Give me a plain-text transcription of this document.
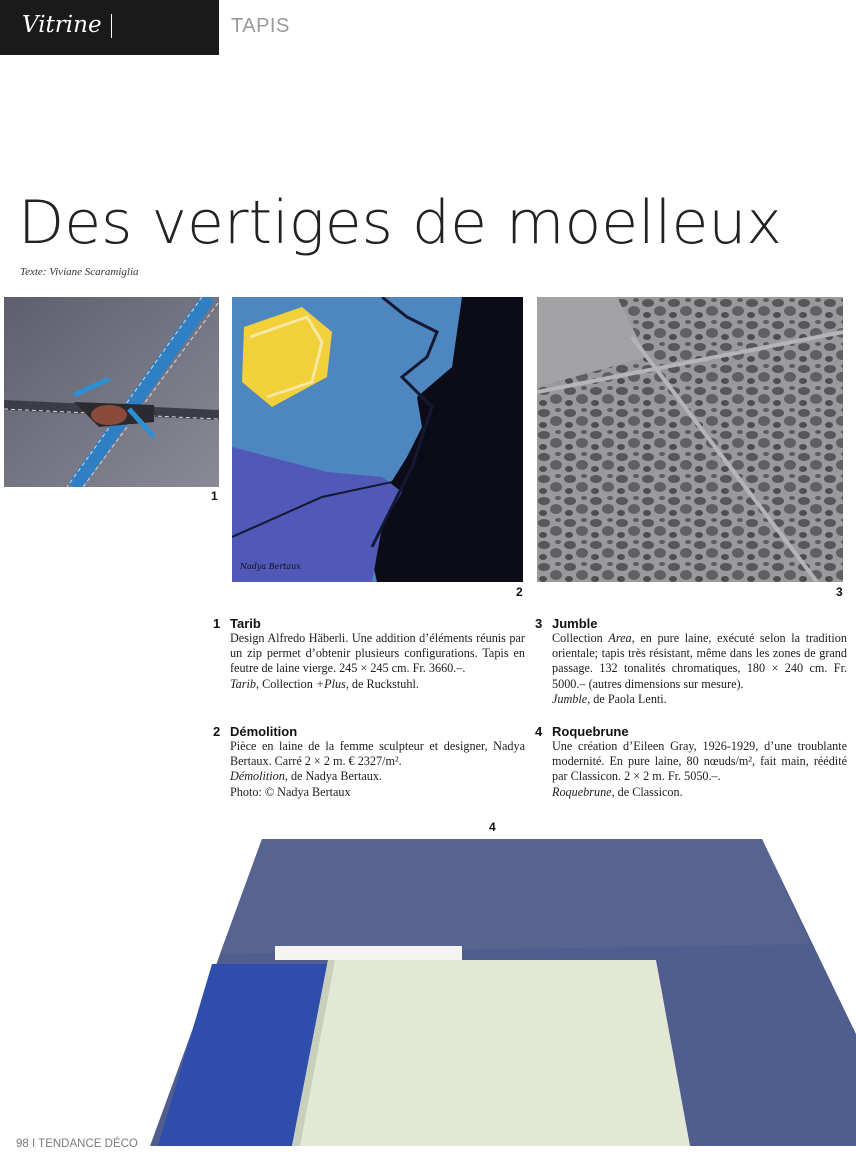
Vitrine	TAPIS
Des vertiges de moelleux
Texte: Viviane Scaramiglia
1
Nadya Bertaux
2	3
1 Tarib

Design Alfredo Häberli. Une addition d’éléments réunis par un zip permet d’obtenir plusieurs configurations. Tapis en feutre de laine vierge. 245 × 245 cm. Fr. 3660.–.

Tarib, Collection +Plus, de Ruckstuhl.

2 Démolition

Pièce en laine de la femme sculpteur et designer, Nadya Bertaux. Carré 2 × 2 m. € 2327/m².

Démolition, de Nadya Bertaux.

Photo: © Nadya Bertaux

3 Jumble

Collection Area, en pure laine, exécuté selon la tradition orientale; tapis très résistant, même dans les zones de grand passage. 132 tonalités chromatiques, 180 × 240 cm. Fr. 5000.– (autres dimensions sur mesure).

Jumble, de Paola Lenti.

4 Roquebrune

Une création d’Eileen Gray, 1926-1929, d’une troublante modernité. En pure laine, 80 nœuds/m², fait main, réédité par Classicon. 2 × 2 m. Fr. 5050.–.

Roquebrune, de Classicon.

4
98 I TENDANCE DÉCO
